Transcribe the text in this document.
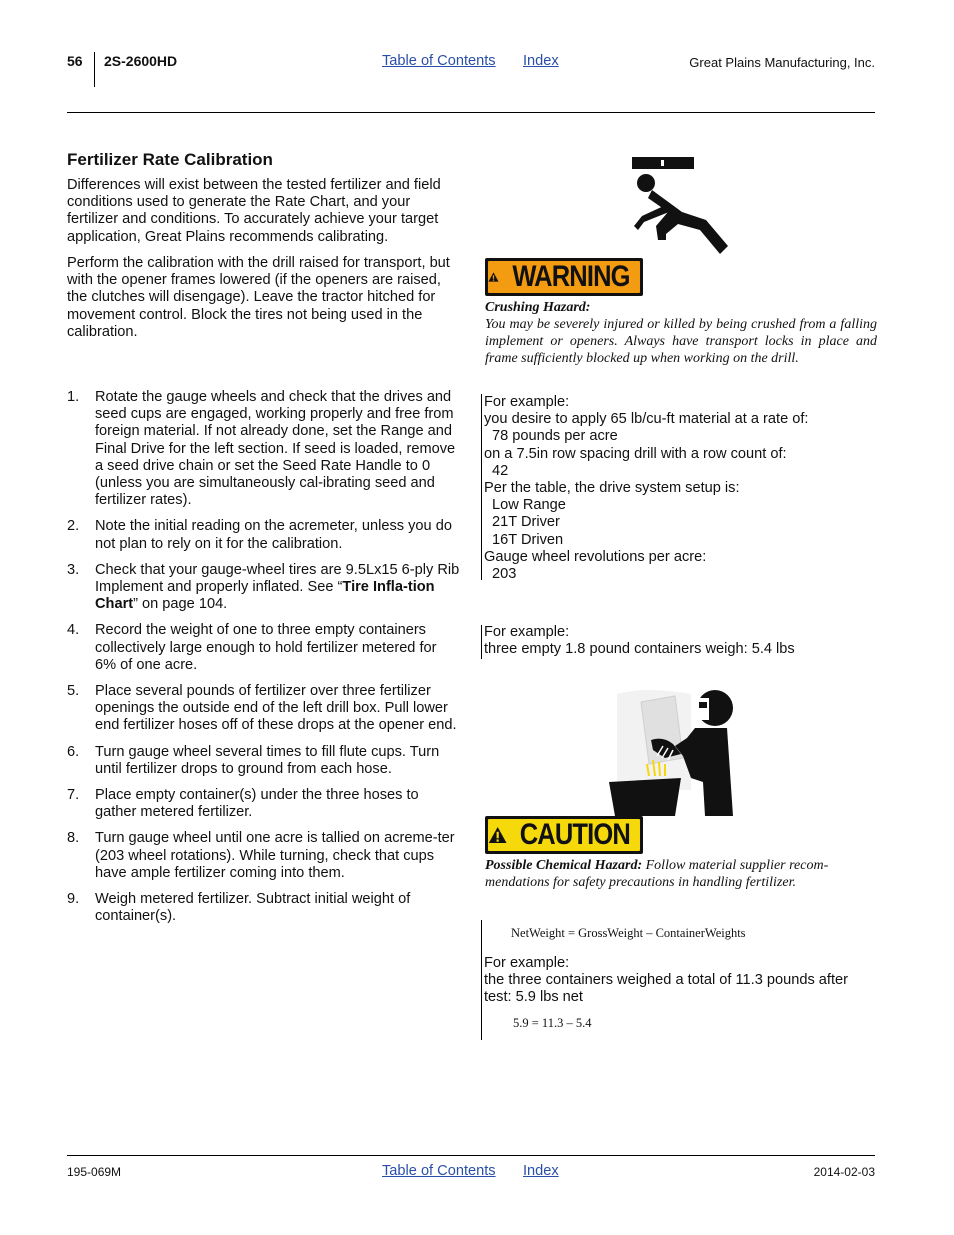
56 2S-2600HD	Table of Contents Index	Great Plains Manufacturing, Inc.
Fertilizer Rate Calibration

Differences will exist between the tested fertilizer and field conditions used to generate the Rate Chart, and your fertilizer and conditions. To accurately achieve your target application, Great Plains recommends calibrating.

Perform the calibration with the drill raised for transport, but with the opener frames lowered (if the openers are raised, the clutches will disengage). Leave the tractor hitched for movement control. Block the tires not being used in the calibration.

1. Rotate the gauge wheels and check that the drives and seed cups are engaged, working properly and free from foreign material. If not already done, set the Range and Final Drive for the left section. If seed is loaded, remove a seed drive chain or set the Seed Rate Handle to 0 (unless you are simultaneously cal-ibrating seed and fertilizer rates).
2. Note the initial reading on the acremeter, unless you do not plan to rely on it for the calibration.
3. Check that your gauge-wheel tires are 9.5Lx15 6-ply Rib Implement and properly inflated. See “Tire Infla-tion Chart” on page 104.
4. Record the weight of one to three empty containers collectively large enough to hold fertilizer metered for 6% of one acre.
5. Place several pounds of fertilizer over three fertilizer openings the outside end of the left drill box. Pull lower end fertilizer hoses off of these drops at the opener end.
6. Turn gauge wheel several times to fill flute cups. Turn until fertilizer drops to ground from each hose.
7. Place empty container(s) under the three hoses to gather metered fertilizer.
8. Turn gauge wheel until one acre is tallied on acreme-ter (203 wheel rotations). While turning, check that cups have ample fertilizer coming into them.
9. Weigh metered fertilizer. Subtract initial weight of container(s).
WARNING
Crushing Hazard:
You may be severely injured or killed by being crushed from a falling implement or openers. Always have transport locks in place and frame sufficiently blocked up when working on the drill.
For example:
you desire to apply 65 lb/cu-ft material at a rate of:
78 pounds per acre
on a 7.5in row spacing drill with a row count of:
42
Per the table, the drive system setup is:
Low Range
21T Driver
16T Driven
Gauge wheel revolutions per acre:
203
For example:
three empty 1.8 pound containers weigh: 5.4 lbs
CAUTION
Possible Chemical Hazard: Follow material supplier recom-mendations for safety precautions in handling fertilizer.
NetWeight = GrossWeight – ContainerWeights
For example:
the three containers weighed a total of 11.3 pounds after
test: 5.9 lbs net
5.9 = 11.3 – 5.4
195-069M	Table of Contents Index	2014-02-03
